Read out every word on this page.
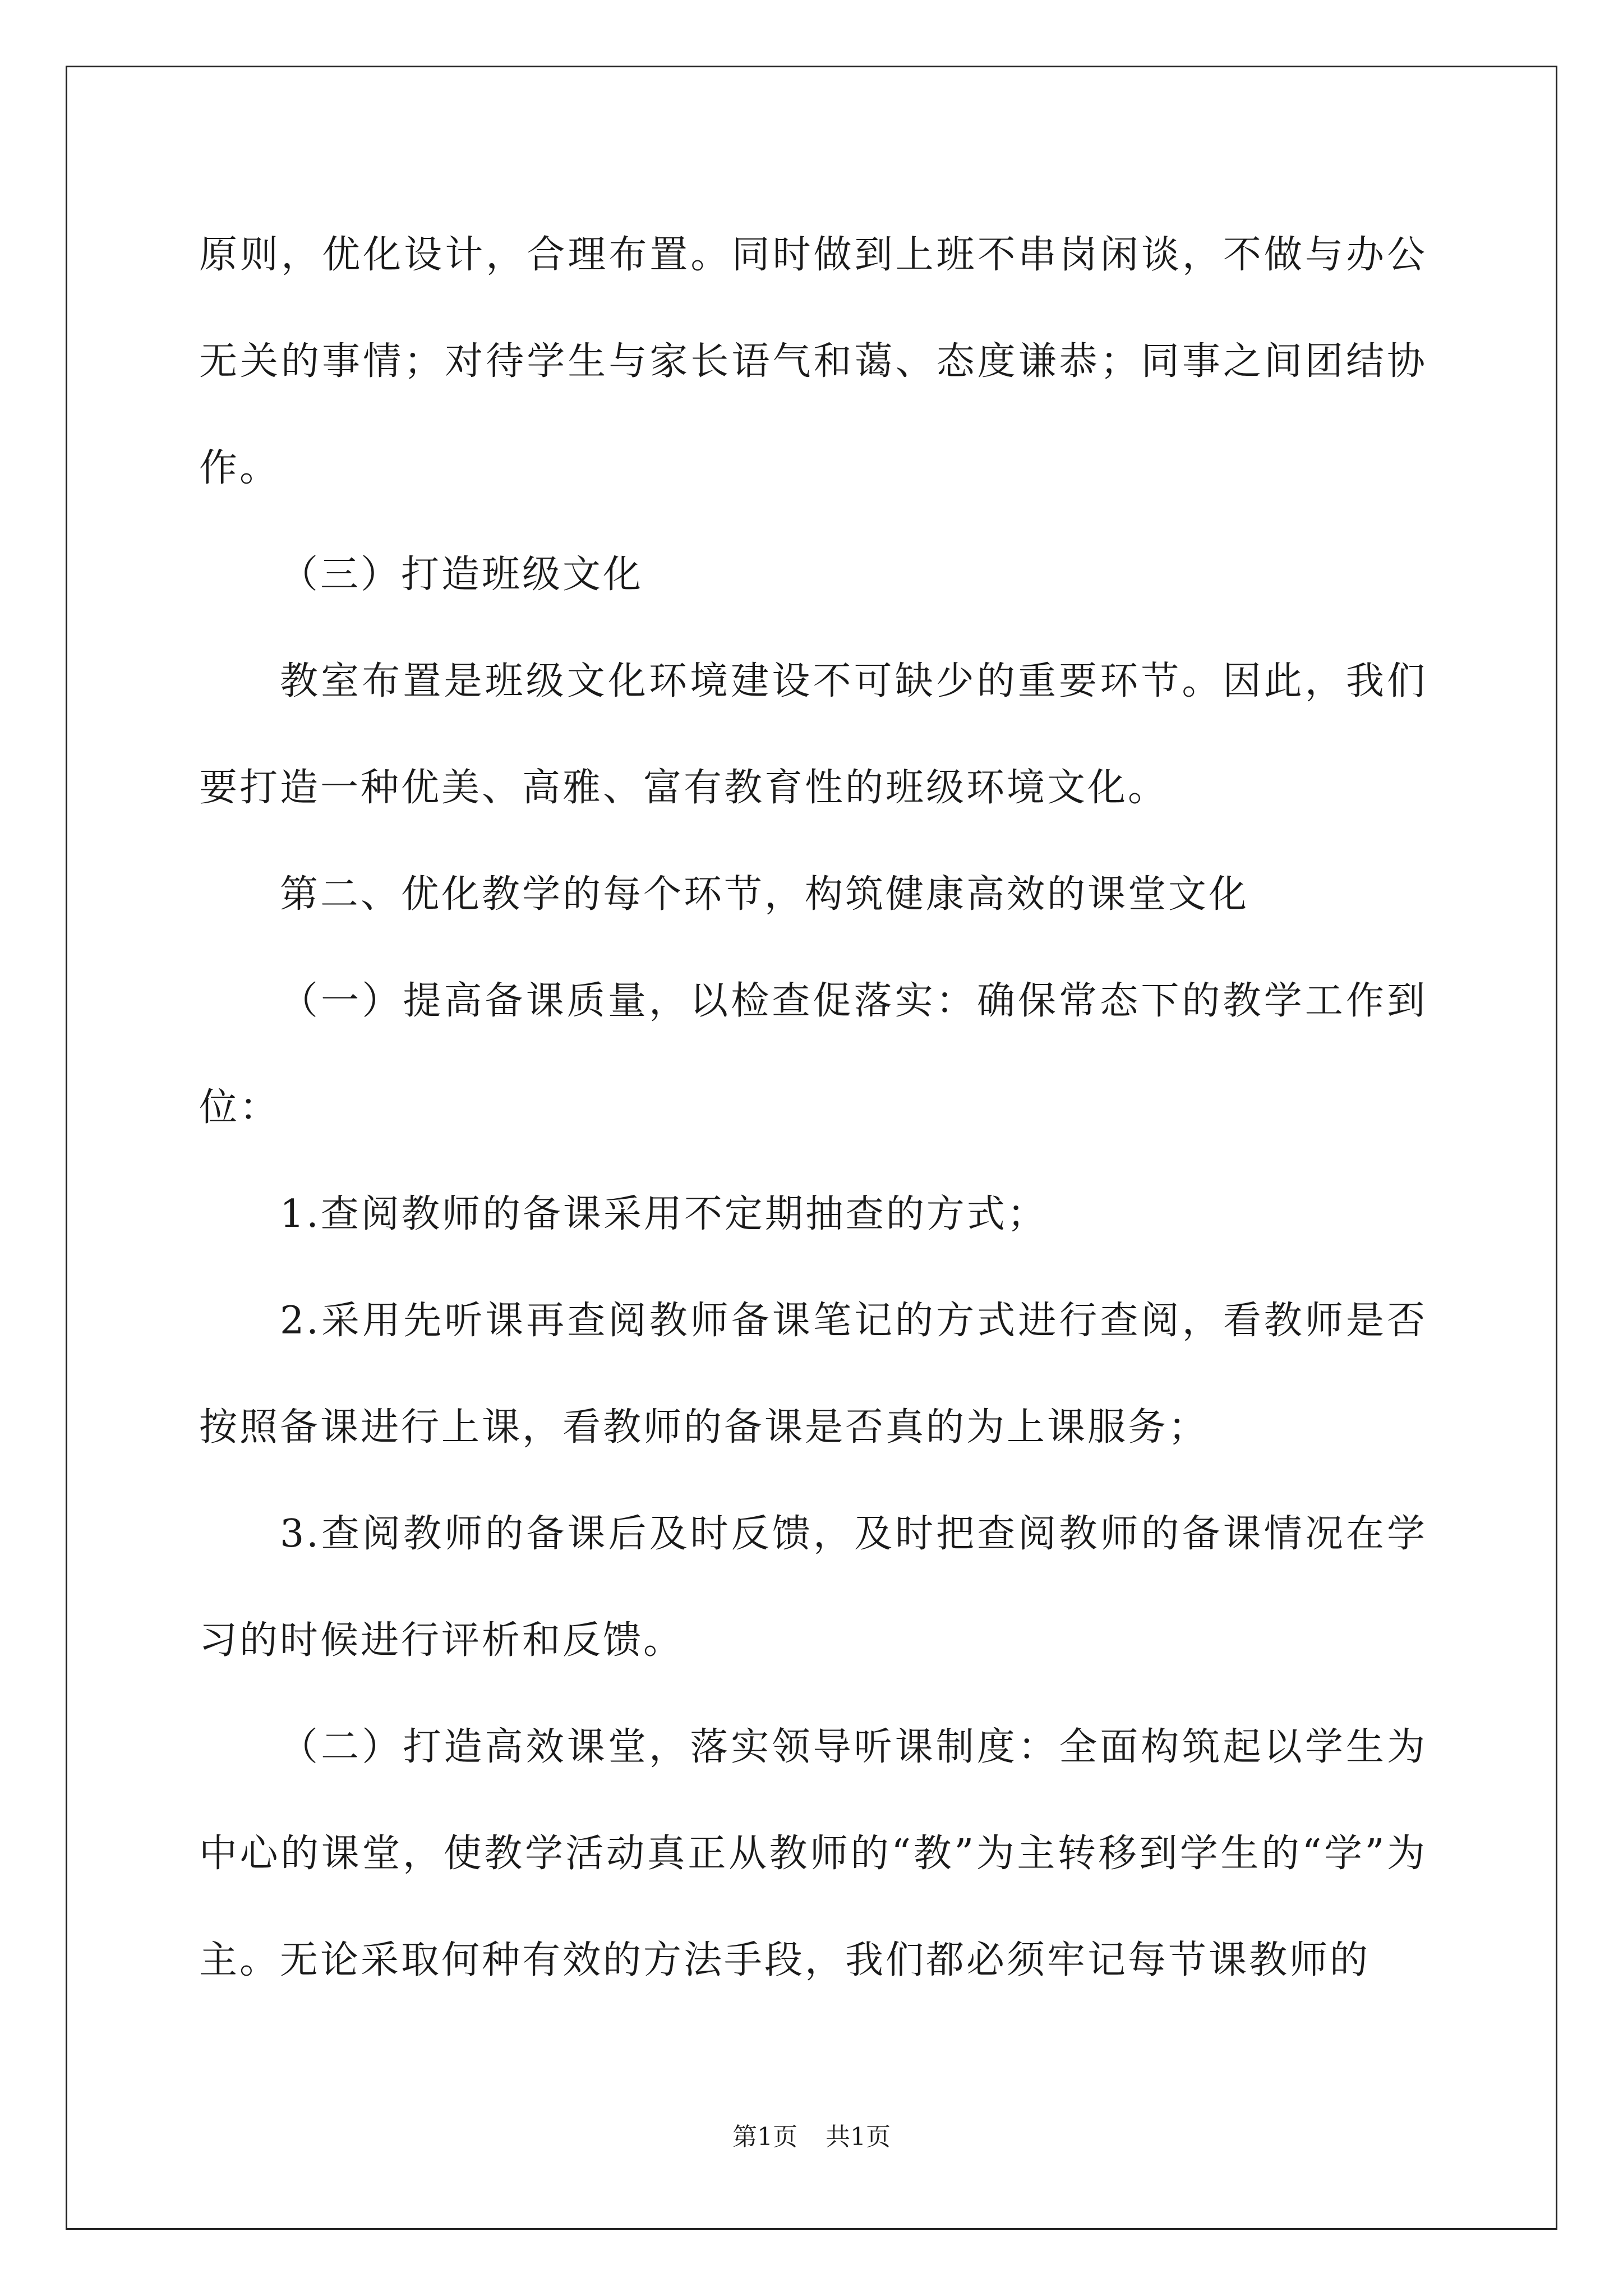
原则，优化设计，合理布置。同时做到上班不串岗闲谈，不做与办公无关的事情；对待学生与家长语气和蔼、态度谦恭；同事之间团结协作。

（三）打造班级文化

教室布置是班级文化环境建设不可缺少的重要环节。因此，我们要打造一种优美、高雅、富有教育性的班级环境文化。

第二、优化教学的每个环节，构筑健康高效的课堂文化

（一）提高备课质量，以检查促落实：确保常态下的教学工作到位：

1.查阅教师的备课采用不定期抽查的方式；

2.采用先听课再查阅教师备课笔记的方式进行查阅，看教师是否按照备课进行上课，看教师的备课是否真的为上课服务；

3.查阅教师的备课后及时反馈，及时把查阅教师的备课情况在学习的时候进行评析和反馈。

（二）打造高效课堂，落实领导听课制度：全面构筑起以学生为中心的课堂，使教学活动真正从教师的“教”为主转移到学生的“学”为主。无论采取何种有效的方法手段，我们都必须牢记每节课教师的

第1页 共1页
